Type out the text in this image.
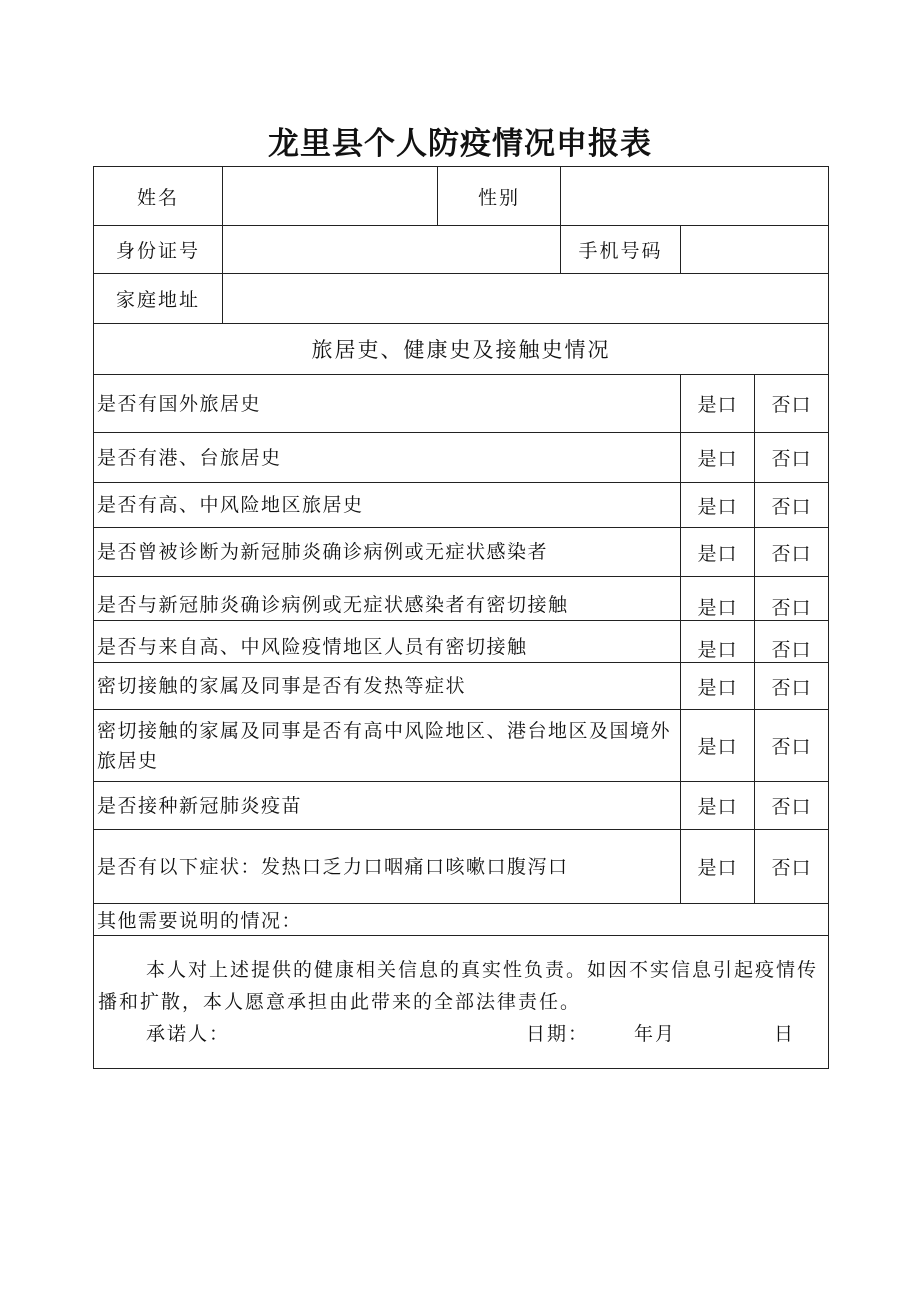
龙里县个人防疫情况申报表
姓名		性别			
身份证号			手机号码		
家庭地址					
旅居吏、健康史及接触史情况					
是否有国外旅居史				是口	否口
是否有港、台旅居史				是口	否口
是否有高、中风险地区旅居史				是口	否口
是否曾被诊断为新冠肺炎确诊病例或无症状感染者				是口	否口
是否与新冠肺炎确诊病例或无症状感染者有密切接触				是口	否口
是否与来自高、中风险疫情地区人员有密切接触				是口	否口
密切接触的家属及同事是否有发热等症状				是口	否口
密切接触的家属及同事是否有高中风险地区、港台地区及国境外旅居史				是口	否口
是否接种新冠肺炎疫苗				是口	否口
是否有以下症状：发热口乏力口咽痛口咳嗽口腹泻口				是口	否口
其他需要说明的情况：					

本人对上述提供的健康相关信息的真实性负责。如因不实信息引起疫情传播和扩散，本人愿意承担由此带来的全部法律责任。

承诺人： 日期： 年月 日					
